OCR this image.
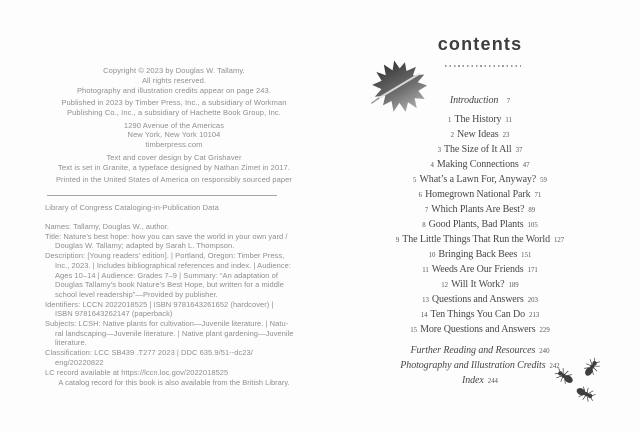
Copyright © 2023 by Douglas W. Tallamy.
All rights reserved.
Photography and illustration credits appear on page 243.
Published in 2023 by Timber Press, Inc., a subsidiary of Workman
Publishing Co., Inc., a subsidiary of Hachette Book Group, Inc.
1290 Avenue of the Americas
New York, New York 10104
timberpress.com
Text and cover design by Cat Grishaver
Text is set in Granite, a typeface designed by Nathan Zimet in 2017.
Printed in the United States of America on responsibly sourced paper
Library of Congress Cataloging-in-Publication Data
Names: Tallamy, Douglas W., author.
Title: Nature’s best hope: how you can save the world in your own yard /
Douglas W. Tallamy; adapted by Sarah L. Thompson.
Description: [Young readers’ edition]. | Portland, Oregon: Timber Press,
Inc., 2023. | Includes bibliographical references and index. | Audience:
Ages 10–14 | Audience: Grades 7–9 | Summary: “An adaptation of
Douglas Tallamy’s book Nature’s Best Hope, but written for a middle
school level readership”—Provided by publisher.
Identifiers: LCCN 2022018525 | ISBN 9781643261652 (hardcover) |
ISBN 9781643262147 (paperback)
Subjects: LCSH: Native plants for cultivation—Juvenile literature. | Natu-
ral landscaping—Juvenile literature. | Native plant gardening—Juvenile
literature.
Classification: LCC SB439 .T277 2023 | DDC 635.9/51--dc23/
eng/20220822
LC record available at https://lccn.loc.gov/2022018525
A catalog record for this book is also available from the British Library.
contents
Introduction 7
1 The History 11
2 New Ideas 23
3 The Size of It All 37
4 Making Connections 47
5 What’s a Lawn For, Anyway? 59
6 Homegrown National Park 71
7 Which Plants Are Best? 89
8 Good Plants, Bad Plants 105
9 The Little Things That Run the World 127
10 Bringing Back Bees 151
11 Weeds Are Our Friends 171
12 Will It Work? 189
13 Questions and Answers 203
14 Ten Things You Can Do 213
15 More Questions and Answers 229
Further Reading and Resources 240
Photography and Illustration Credits 242
Index 244
